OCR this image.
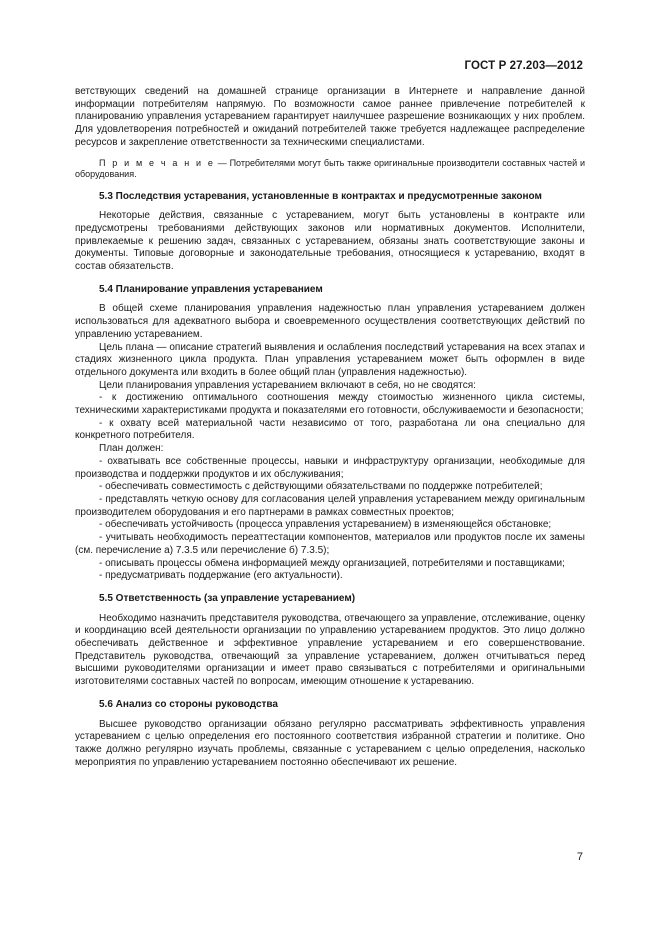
ГОСТ Р 27.203—2012

ветствующих сведений на домашней странице организации в Интернете и направление данной информации потребителям напрямую. По возможности самое раннее привлечение потребителей к планированию управления устареванием гарантирует наилучшее разрешение возникающих у них проблем. Для удовлетворения потребностей и ожиданий потребителей также требуется надлежащее распределение ресурсов и закрепление ответственности за техническими специалистами.

П р и м е ч а н и е — Потребителями могут быть также оригинальные производители составных частей и оборудования.

5.3 Последствия устаревания, установленные в контрактах и предусмотренные законом

Некоторые действия, связанные с устареванием, могут быть установлены в контракте или предусмотрены требованиями действующих законов или нормативных документов. Исполнители, привлекаемые к решению задач, связанных с устареванием, обязаны знать соответствующие законы и документы. Типовые договорные и законодательные требования, относящиеся к устареванию, входят в состав обязательств.

5.4 Планирование управления устареванием

В общей схеме планирования управления надежностью план управления устареванием должен использоваться для адекватного выбора и своевременного осуществления соответствующих действий по управлению устареванием.

Цель плана — описание стратегий выявления и ослабления последствий устаревания на всех этапах и стадиях жизненного цикла продукта. План управления устареванием может быть оформлен в виде отдельного документа или входить в более общий план (управления надежностью).

Цели планирования управления устареванием включают в себя, но не сводятся:

- к достижению оптимального соотношения между стоимостью жизненного цикла системы, техническими характеристиками продукта и показателями его готовности, обслуживаемости и безопасности;

- к охвату всей материальной части независимо от того, разработана ли она специально для конкретного потребителя.

План должен:

- охватывать все собственные процессы, навыки и инфраструктуру организации, необходимые для производства и поддержки продуктов и их обслуживания;

- обеспечивать совместимость с действующими обязательствами по поддержке потребителей;

- представлять четкую основу для согласования целей управления устареванием между оригинальным производителем оборудования и его партнерами в рамках совместных проектов;

- обеспечивать устойчивость (процесса управления устареванием) в изменяющейся обстановке;

- учитывать необходимость переаттестации компонентов, материалов или продуктов после их замены (см. перечисление а) 7.3.5 или перечисление б) 7.3.5);

- описывать процессы обмена информацией между организацией, потребителями и поставщиками;

- предусматривать поддержание (его актуальности).

5.5 Ответственность (за управление устареванием)

Необходимо назначить представителя руководства, отвечающего за управление, отслеживание, оценку и координацию всей деятельности организации по управлению устареванием продуктов. Это лицо должно обеспечивать действенное и эффективное управление устареванием и его совершенствование. Представитель руководства, отвечающий за управление устареванием, должен отчитываться перед высшими руководителями организации и имеет право связываться с потребителями и оригинальными изготовителями составных частей по вопросам, имеющим отношение к устареванию.

5.6 Анализ со стороны руководства

Высшее руководство организации обязано регулярно рассматривать эффективность управления устареванием с целью определения его постоянного соответствия избранной стратегии и политике. Оно также должно регулярно изучать проблемы, связанные с устареванием с целью определения, насколько мероприятия по управлению устареванием постоянно обеспечивают их решение.

7
